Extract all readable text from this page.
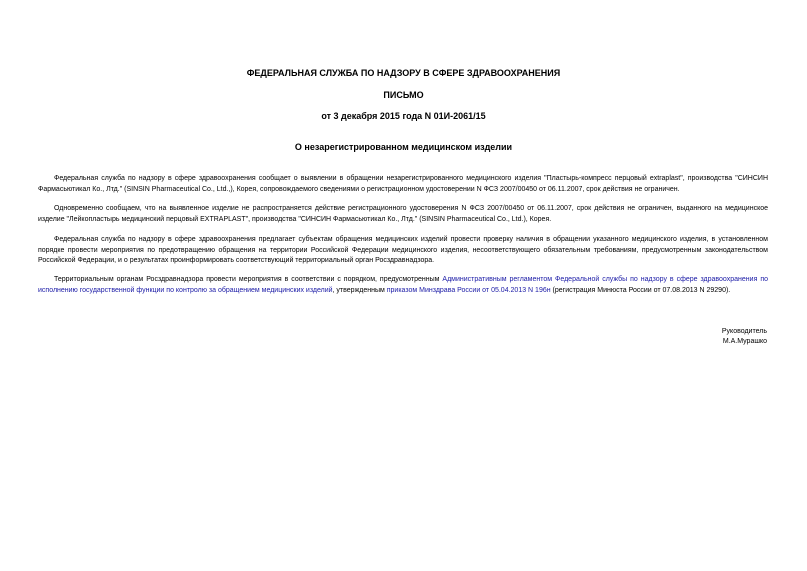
ФЕДЕРАЛЬНАЯ СЛУЖБА ПО НАДЗОРУ В СФЕРЕ ЗДРАВООХРАНЕНИЯ
ПИСЬМО
от 3 декабря 2015 года N 01И-2061/15
О незарегистрированном медицинском изделии

Федеральная служба по надзору в сфере здравоохранения сообщает о выявлении в обращении незарегистрированного медицинского изделия "Пластырь-компресс перцовый extraplast", производства "СИНСИН Фармасьютикал Ко., Лтд." (SINSIN Pharmaceutical Co., Ltd.,), Корея, сопровождаемого сведениями о регистрационном удостоверении N ФСЗ 2007/00450 от 06.11.2007, срок действия не ограничен.

Одновременно сообщаем, что на выявленное изделие не распространяется действие регистрационного удостоверения N ФСЗ 2007/00450 от 06.11.2007, срок действия не ограничен, выданного на медицинское изделие "Лейкопластырь медицинский перцовый EXTRAPLAST", производства "СИНСИН Фармасьютикал Ко., Лтд." (SINSIN Pharmaceutical Co., Ltd.), Корея.

Федеральная служба по надзору в сфере здравоохранения предлагает субъектам обращения медицинских изделий провести проверку наличия в обращении указанного медицинского изделия, в установленном порядке провести мероприятия по предотвращению обращения на территории Российской Федерации медицинского изделия, несоответствующего обязательным требованиям, предусмотренным законодательством Российской Федерации, и о результатах проинформировать соответствующий территориальный орган Росздравнадзора.

Территориальным органам Росздравнадзора провести мероприятия в соответствии с порядком, предусмотренным Административным регламентом Федеральной службы по надзору в сфере здравоохранения по исполнению государственной функции по контролю за обращением медицинских изделий, утвержденным приказом Минздрава России от 05.04.2013 N 196н (регистрация Минюста России от 07.08.2013 N 29290).

Руководитель
М.А.Мурашко
